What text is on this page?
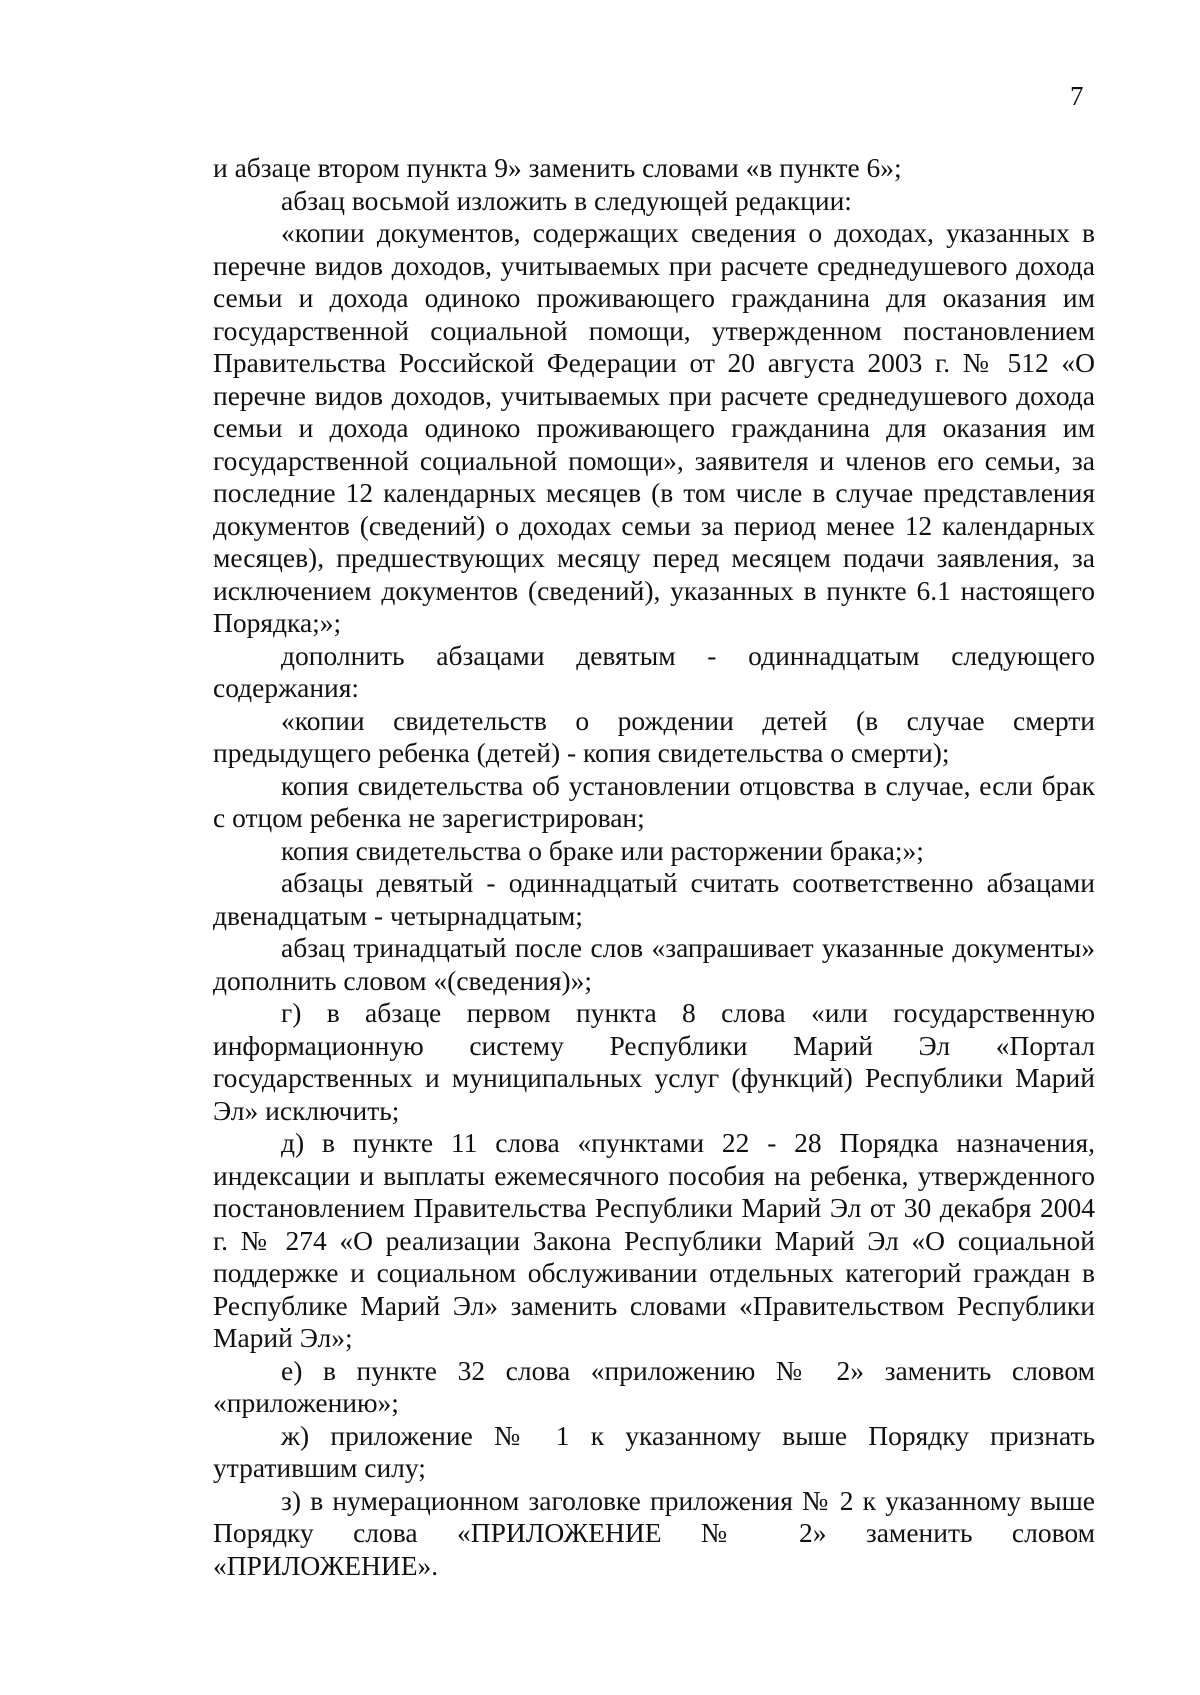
7

и абзаце втором пункта 9» заменить словами «в пункте 6»;

абзац восьмой изложить в следующей редакции:

«копии документов, содержащих сведения о доходах, указанных в перечне видов доходов, учитываемых при расчете среднедушевого дохода семьи и дохода одиноко проживающего гражданина для оказания им государственной социальной помощи, утвержденном постановлением Правительства Российской Федерации от 20 августа 2003 г. № 512 «О перечне видов доходов, учитываемых при расчете среднедушевого дохода семьи и дохода одиноко проживающего гражданина для оказания им государственной социальной помощи», заявителя и членов его семьи, за последние 12 календарных месяцев (в том числе в случае представления документов (сведений) о доходах семьи за период менее 12 календарных месяцев), предшествующих месяцу перед месяцем подачи заявления, за исключением документов (сведений), указанных в пункте 6.1 настоящего Порядка;»;

дополнить абзацами девятым - одиннадцатым следующего содержания:

«копии свидетельств о рождении детей (в случае смерти предыдущего ребенка (детей) - копия свидетельства о смерти);

копия свидетельства об установлении отцовства в случае, если брак с отцом ребенка не зарегистрирован;

копия свидетельства о браке или расторжении брака;»;

абзацы девятый - одиннадцатый считать соответственно абзацами двенадцатым - четырнадцатым;

абзац тринадцатый после слов «запрашивает указанные документы» дополнить словом «(сведения)»;

г) в абзаце первом пункта 8 слова «или государственную информационную систему Республики Марий Эл «Портал государственных и муниципальных услуг (функций) Республики Марий Эл» исключить;

д) в пункте 11 слова «пунктами 22 - 28 Порядка назначения, индексации и выплаты ежемесячного пособия на ребенка, утвержденного постановлением Правительства Республики Марий Эл от 30 декабря 2004 г. № 274 «О реализации Закона Республики Марий Эл «О социальной поддержке и социальном обслуживании отдельных категорий граждан в Республике Марий Эл» заменить словами «Правительством Республики Марий Эл»;

е) в пункте 32 слова «приложению № 2» заменить словом «приложению»;

ж) приложение № 1 к указанному выше Порядку признать утратившим силу;

з) в нумерационном заголовке приложения № 2 к указанному выше Порядку слова «ПРИЛОЖЕНИЕ № 2» заменить словом «ПРИЛОЖЕНИЕ».
